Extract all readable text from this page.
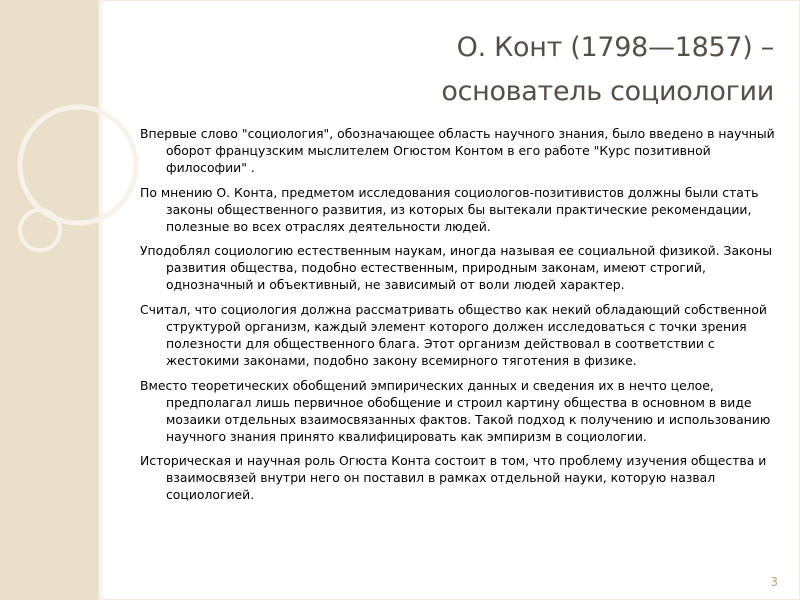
О. Конт (1798—1857) –
основатель социологии

Впервые слово "социология", обозначающее область научного знания, было введено в научный оборот французским мыслителем Огюстом Контом в его работе "Курс позитивной философии" .

По мнению О. Конта, предметом исследования социологов-позитивистов должны были стать законы общественного развития, из которых бы вытекали практические рекомендации, полезные во всех отраслях деятельности людей.

Уподоблял социологию естественным наукам, иногда называя ее социальной физикой. Законы развития общества, подобно естественным, природным законам, имеют строгий, однозначный и объективный, не зависимый от воли людей характер.

Считал, что социология должна рассматривать общество как некий обладающий собственной структурой организм, каждый элемент которого должен исследоваться с точки зрения полезности для общественного блага. Этот организм действовал в соответствии с жестокими законами, подобно закону всемирного тяготения в физике.

Вместо теоретических обобщений эмпирических данных и сведения их в нечто целое, предполагал лишь первичное обобщение и строил картину общества в основном в виде мозаики отдельных взаимосвязанных фактов. Такой подход к получению и использованию научного знания принято квалифицировать как эмпиризм в социологии.

Историческая и научная роль Огюста Конта состоит в том, что проблему изучения общества и взаимосвязей внутри него он поставил в рамках отдельной науки, которую назвал социологией.

3
